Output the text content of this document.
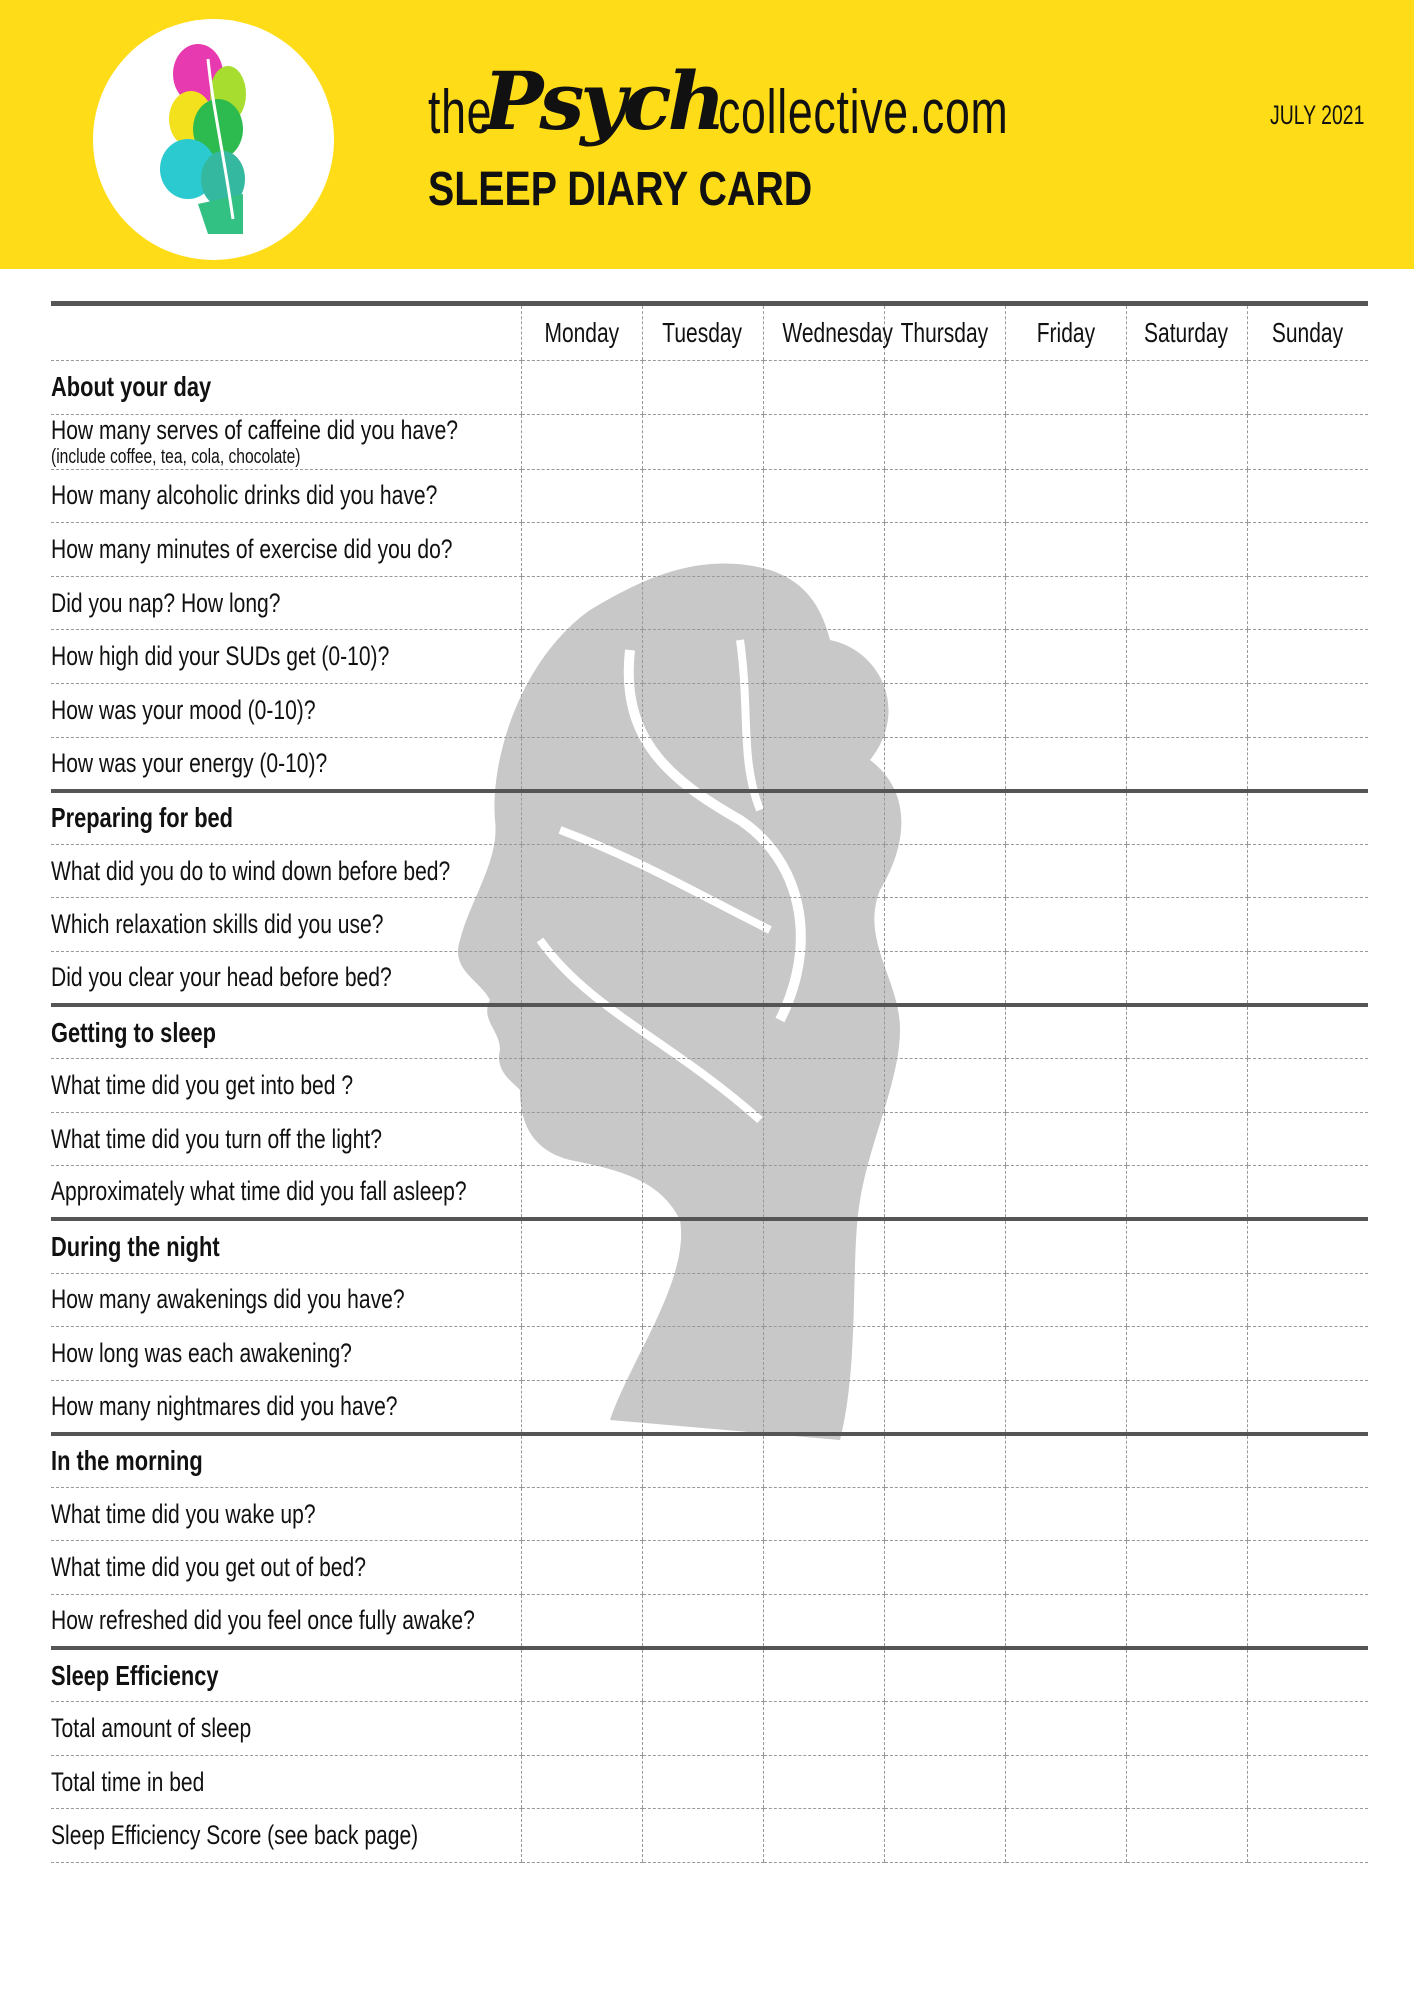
the
Psych
collective.com
SLEEP DIARY CARD
JULY 2021
	Monday	Tuesday	Wednesday	Thursday	Friday	Saturday	Sunday
About your day							
How many serves of caffeine did you have?
(include coffee, tea, cola, chocolate)							

How many alcoholic drinks did you have?							
How many minutes of exercise did you do?							
Did you nap? How long?							
How high did your SUDs get (0-10)?							
How was your mood (0-10)?							
How was your energy (0-10)?							
Preparing for bed							
What did you do to wind down before bed?							
Which relaxation skills did you use?							
Did you clear your head before bed?							
Getting to sleep							
What time did you get into bed ?							
What time did you turn off the light?							
Approximately what time did you fall asleep?							
During the night							
How many awakenings did you have?							
How long was each awakening?							
How many nightmares did you have?							
In the morning							
What time did you wake up?							
What time did you get out of bed?							
How refreshed did you feel once fully awake?							
Sleep Efficiency							
Total amount of sleep							
Total time in bed							
Sleep Efficiency Score (see back page)							
